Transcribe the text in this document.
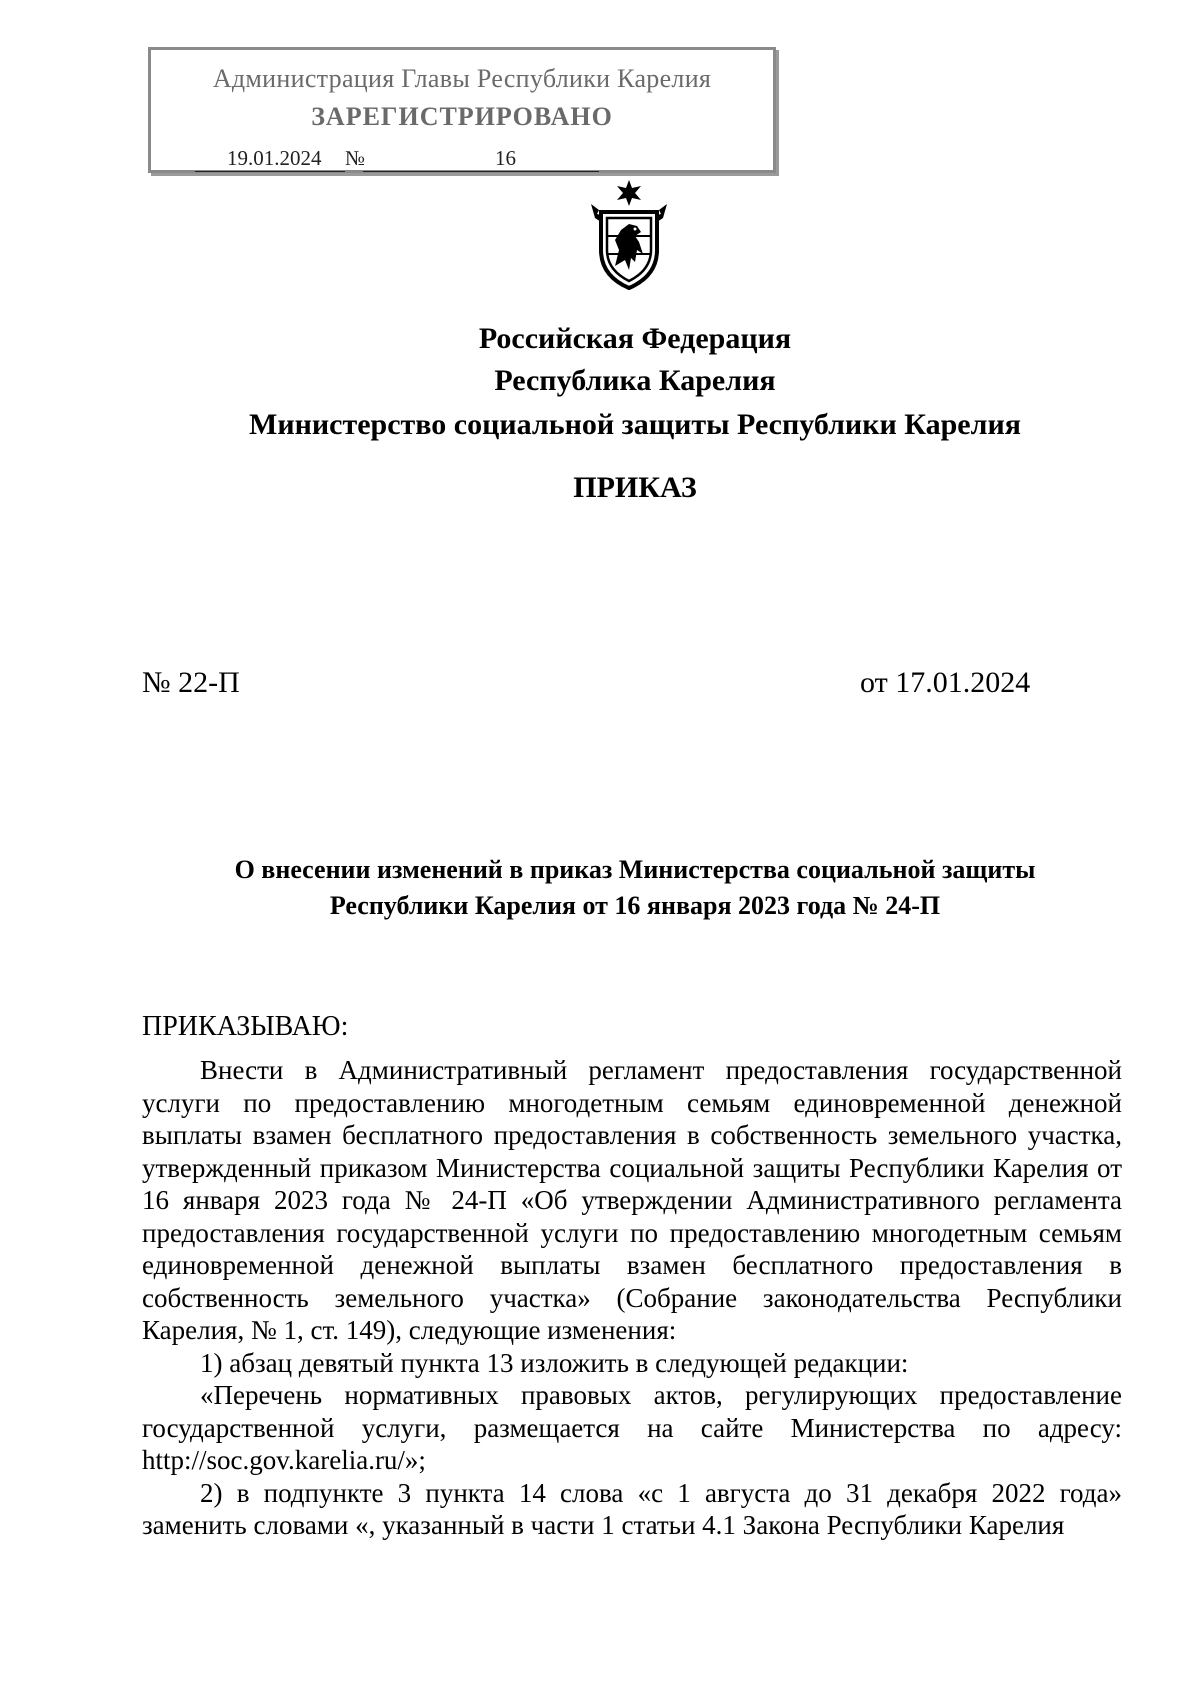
Администрация Главы Республики Карелия
ЗАРЕГИСТРИРОВАНО
19.01.2024 №	16
Российская Федерация
Республика Карелия
Министерство социальной защиты Республики Карелия
ПРИКАЗ
№ 22-П	от 17.01.2024
О внесении изменений в приказ Министерства социальной защиты
Республики Карелия от 16 января 2023 года № 24-П
ПРИКАЗЫВАЮ:

Внести в Административный регламент предоставления государственной услуги по предоставлению многодетным семьям единовременной денежной выплаты взамен бесплатного предоставления в собственность земельного участка, утвержденный приказом Министерства социальной защиты Республики Карелия от 16 января 2023 года № 24-П «Об утверждении Административного регламента предоставления государственной услуги по предоставлению многодетным семьям единовременной денежной выплаты взамен бесплатного предоставления в собственность земельного участка» (Собрание законодательства Республики Карелия, № 1, ст. 149), следующие изменения:

1) абзац девятый пункта 13 изложить в следующей редакции:

«Перечень нормативных правовых актов, регулирующих предоставление государственной услуги, размещается на сайте Министерства по адресу: http://soc.gov.karelia.ru/»;

2) в подпункте 3 пункта 14 слова «с 1 августа до 31 декабря 2022 года» заменить словами «, указанный в части 1 статьи 4.1 Закона Республики Карелия
